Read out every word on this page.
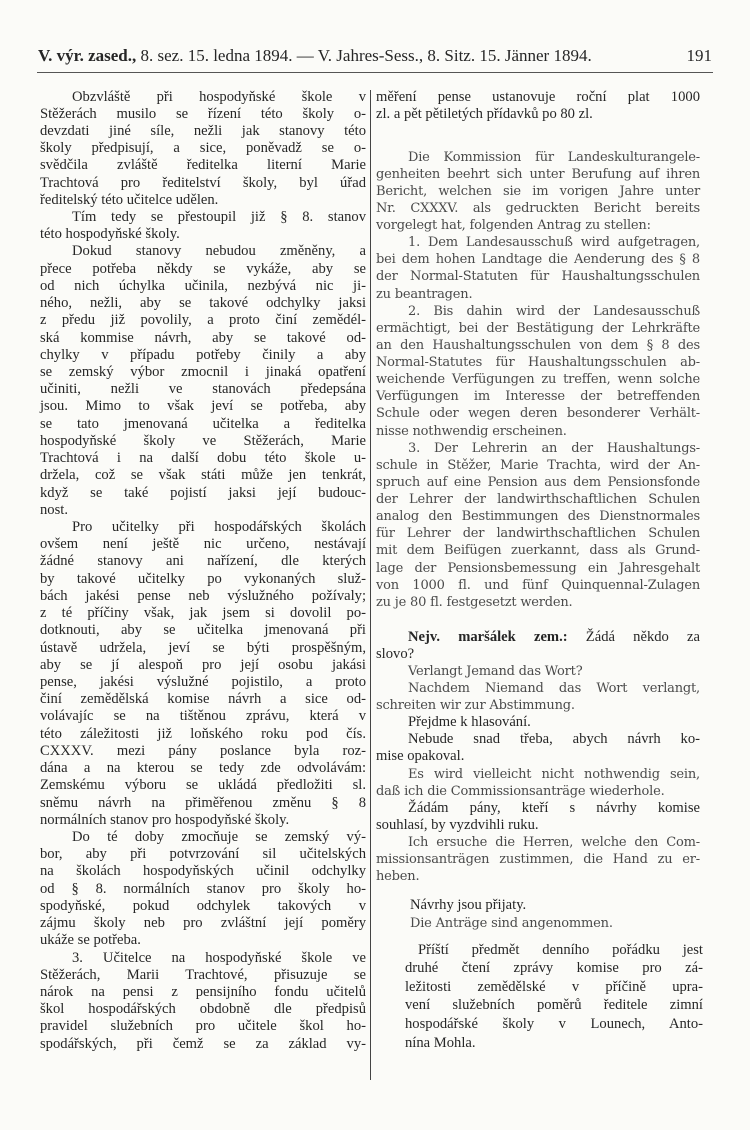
V. výr. zased., 8. sez. 15. ledna 1894. — V. Jahres-Sess., 8. Sitz. 15. Jänner 1894.	191
Obzvláště při hospodyňské škole v
Stěžerách musilo se řízení této školy o-
devzdati jiné síle, nežli jak stanovy této
školy předpisují, a sice, poněvadž se o-
svědčila zvláště ředitelka literní Marie
Trachtová pro ředitelství školy, byl úřad
ředitelský této učitelce udělen.
Tím tedy se přestoupil již § 8. stanov
této hospodyňské školy.
Dokud stanovy nebudou změněny, a
přece potřeba někdy se vykáže, aby se
od nich úchylka učinila, nezbývá nic ji-
ného, nežli, aby se takové odchylky jaksi
z předu již povolily, a proto činí zemědél-
ská kommise návrh, aby se takové od-
chylky v případu potřeby činily a aby
se zemský výbor zmocnil i jinaká opatření
učiniti, nežli ve stanovách předepsána
jsou. Mimo to však jeví se potřeba, aby
se tato jmenovaná učitelka a ředitelka
hospodyňské školy ve Stěžerách, Marie
Trachtová i na další dobu této škole u-
držela, což se však státi může jen tenkrát,
když se také pojistí jaksi její budouc-
nost.
Pro učitelky při hospodářských školách
ovšem není ještě nic určeno, nestávají
žádné stanovy ani nařízení, dle kterých
by takové učitelky po vykonaných služ-
bách jakési pense neb výslužného požívaly;
z té příčiny však, jak jsem si dovolil po-
dotknouti, aby se učitelka jmenovaná při
ústavě udržela, jeví se býti prospěšným,
aby se jí alespoň pro její osobu jakási
pense, jakési výslužné pojistilo, a proto
činí zemědělská komise návrh a sice od-
volávajíc se na tištěnou zprávu, která v
této záležitosti již loňského roku pod čís.
CXXXV. mezi pány poslance byla roz-
dána a na kterou se tedy zde odvolávám:
Zemskému výboru se ukládá předložiti sl.
sněmu návrh na přiměřenou změnu § 8
normálních stanov pro hospodyňské školy.
Do té doby zmocňuje se zemský vý-
bor, aby při potvrzování sil učitelských
na školách hospodyňských učinil odchylky
od § 8. normálních stanov pro školy ho-
spodyňské, pokud odchylek takových v
zájmu školy neb pro zvláštní její poměry
ukáže se potřeba.
3. Učitelce na hospodyňské škole ve
Stěžerách, Marii Trachtové, přisuzuje se
nárok na pensi z pensijního fondu učitelů
škol hospodářských obdobně dle předpisů
pravidel služebních pro učitele škol ho-
spodářských, při čemž se za základ vy-
měření pense ustanovuje roční plat 1000
zl. a pět pětiletých přídavků po 80 zl.
Die Kommission für Landeskulturangele-
genheiten beehrt sich unter Berufung auf ihren
Bericht, welchen sie im vorigen Jahre unter
Nr. CXXXV. als gedruckten Bericht bereits
vorgelegt hat, folgenden Antrag zu stellen:
1. Dem Landesausschuß wird aufgetragen,
bei dem hohen Landtage die Aenderung des § 8
der Normal-Statuten für Haushaltungsschulen
zu beantragen.
2. Bis dahin wird der Landesausschuß
ermächtigt, bei der Bestätigung der Lehrkräfte
an den Haushaltungsschulen von dem § 8 des
Normal-Statutes für Haushaltungsschulen ab-
weichende Verfügungen zu treffen, wenn solche
Verfügungen im Interesse der betreffenden
Schule oder wegen deren besonderer Verhält-
nisse nothwendig erscheinen.
3. Der Lehrerin an der Haushaltungs-
schule in Stěžer, Marie Trachta, wird der An-
spruch auf eine Pension aus dem Pensionsfonde
der Lehrer der landwirthschaftlichen Schulen
analog den Bestimmungen des Dienstnormales
für Lehrer der landwirthschaftlichen Schulen
mit dem Beifügen zuerkannt, dass als Grund-
lage der Pensionsbemessung ein Jahresgehalt
von 1000 fl. und fünf Quinquennal-Zulagen
zu je 80 fl. festgesetzt werden.
Nejv. maršálek zem.: Žádá někdo za
slovo?
Verlangt Jemand das Wort?
Nachdem Niemand das Wort verlangt,
schreiten wir zur Abstimmung.
Přejdme k hlasování.
Nebude snad třeba, abych návrh ko-
mise opakoval.
Es wird vielleicht nicht nothwendig sein,
daß ich die Commissionsanträge wiederhole.
Žádám pány, kteří s návrhy komise
souhlasí, by vyzdvihli ruku.
Ich ersuche die Herren, welche den Com-
missionsanträgen zustimmen, die Hand zu er-
heben.
Návrhy jsou přijaty.
Die Anträge sind angenommen.
Příští předmět denního pořádku jest
druhé čtení zprávy komise pro zá-
ležitosti zemědělské v příčině upra-
vení služebních poměrů ředitele zimní
hospodářské školy v Lounech, Anto-
nína Mohla.
